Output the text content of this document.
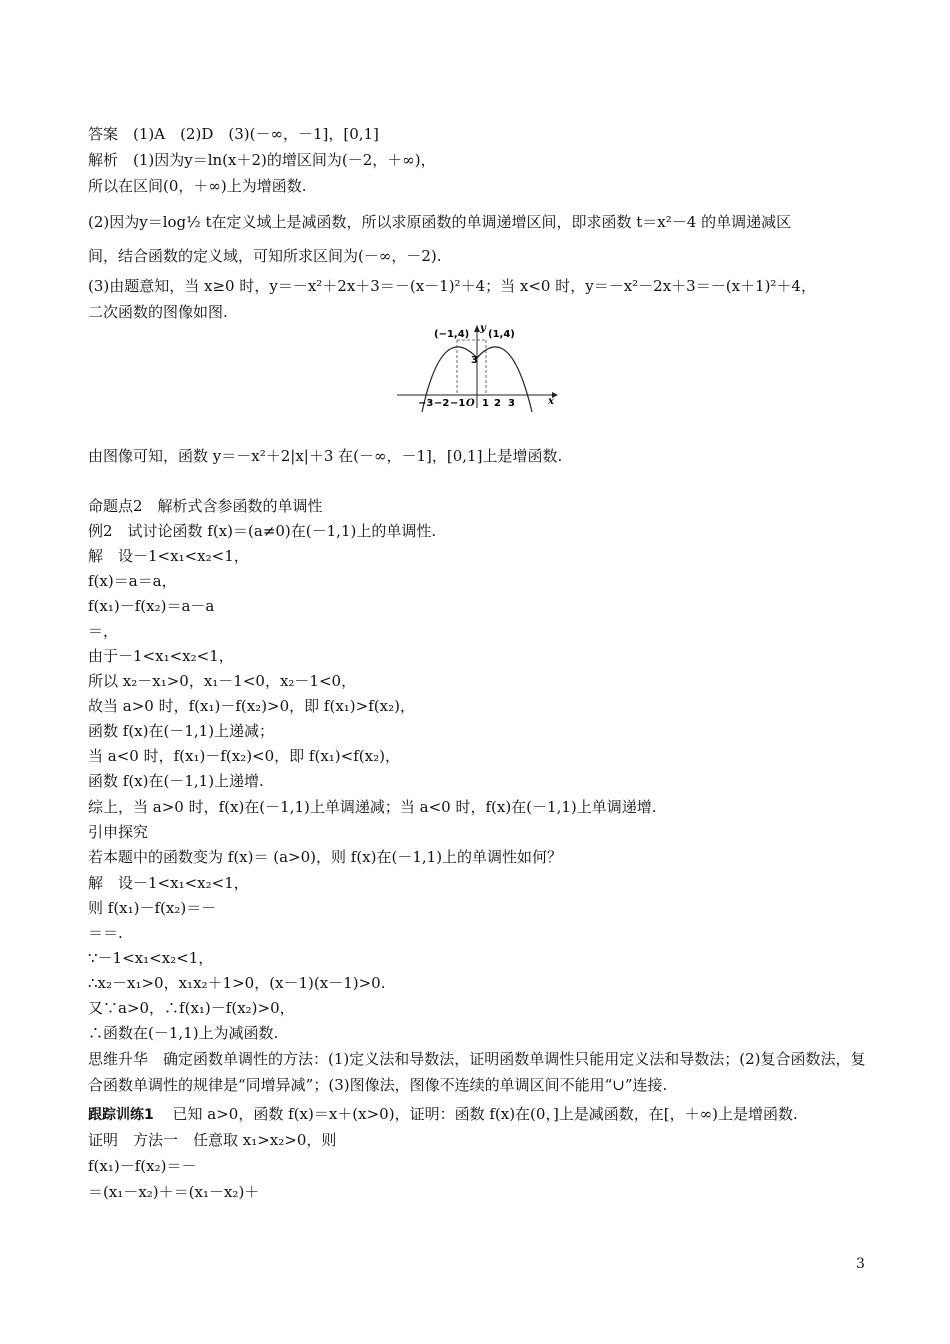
答案　(1)A　(2)D　(3)(－∞，－1]，[0,1]
解析　(1)因为y＝ln(x＋2)的增区间为(－2，＋∞)，
所以在区间(0，＋∞)上为增函数.
(2)因为y＝log½ t在定义域上是减函数，所以求原函数的单调递增区间，即求函数 t＝x²－4 的单调递减区
间，结合函数的定义域，可知所求区间为(－∞，－2).
(3)由题意知，当 x≥0 时，y＝－x²＋2x＋3＝－(x－1)²＋4；当 x<0 时，y＝－x²－2x＋3＝－(x＋1)²＋4，
二次函数的图像如图.
(−1,4) (1,4)
y
x
3
−3 −2 −1 O 1 2 3
由图像可知，函数 y＝－x²＋2|x|＋3 在(－∞，－1]，[0,1]上是增函数.
命题点2　解析式含参函数的单调性
例2　试讨论函数 f(x)＝(a≠0)在(－1,1)上的单调性.
解　设－1<x₁<x₂<1，
f(x)＝a＝a，
f(x₁)－f(x₂)＝a－a
＝，
由于－1<x₁<x₂<1，
所以 x₂－x₁>0，x₁－1<0，x₂－1<0，
故当 a>0 时，f(x₁)－f(x₂)>0，即 f(x₁)>f(x₂)，
函数 f(x)在(－1,1)上递减；
当 a<0 时，f(x₁)－f(x₂)<0，即 f(x₁)<f(x₂)，
函数 f(x)在(－1,1)上递增.
综上，当 a>0 时，f(x)在(－1,1)上单调递减；当 a<0 时，f(x)在(－1,1)上单调递增.
引申探究
若本题中的函数变为 f(x)＝ (a>0)，则 f(x)在(－1,1)上的单调性如何？
解　设－1<x₁<x₂<1，
则 f(x₁)－f(x₂)＝－
＝＝.
∵－1<x₁<x₂<1，
∴x₂－x₁>0，x₁x₂＋1>0，(x－1)(x－1)>0.
又∵a>0，∴f(x₁)－f(x₂)>0，
∴函数在(－1,1)上为减函数.
思维升华　确定函数单调性的方法：(1)定义法和导数法，证明函数单调性只能用定义法和导数法；(2)复合函数法，复合函数单调性的规律是“同增异减”；(3)图像法，图像不连续的单调区间不能用“∪”连接.
跟踪训练1 已知 a>0，函数 f(x)＝x＋(x>0)，证明：函数 f(x)在(0，]上是减函数，在[，＋∞)上是增函数.
证明　方法一　任意取 x₁>x₂>0，则
f(x₁)－f(x₂)＝－
＝(x₁－x₂)＋＝(x₁－x₂)＋
3
